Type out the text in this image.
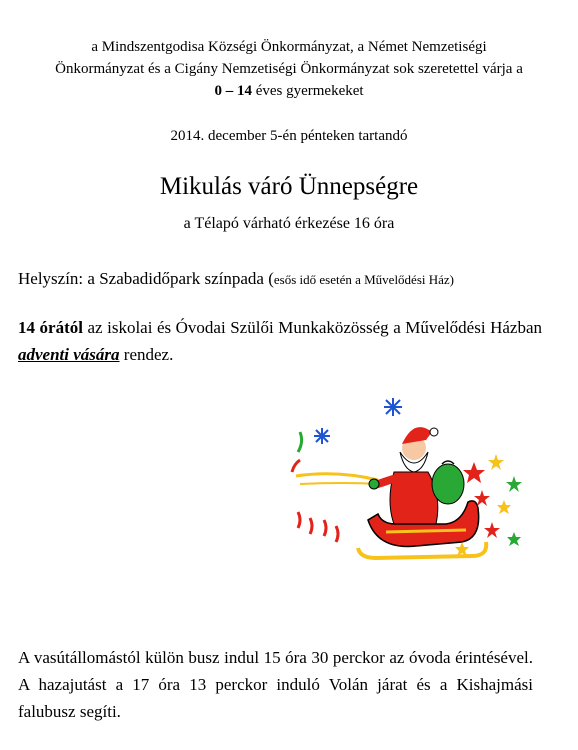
a Mindszentgodisa Községi Önkormányzat, a Német Nemzetiségi
Önkormányzat és a Cigány Nemzetiségi Önkormányzat sok szeretettel várja a
0 – 14 éves gyermekeket
2014. december 5-én pénteken tartandó
Mikulás váró Ünnepségre
a Télapó várható érkezése 16 óra
Helyszín: a Szabadidőpark színpada (esős idő esetén a Művelődési Ház)
14 órától az iskolai és Óvodai Szülői Munkaközösség a Művelődési Házban adventi vására rendez.
A vasútállomástól külön busz indul 15 óra 30 perckor az óvoda érintésével. A hazajutást a 17 óra 13 perckor induló Volán járat és a Kishajmási falubusz segíti.
